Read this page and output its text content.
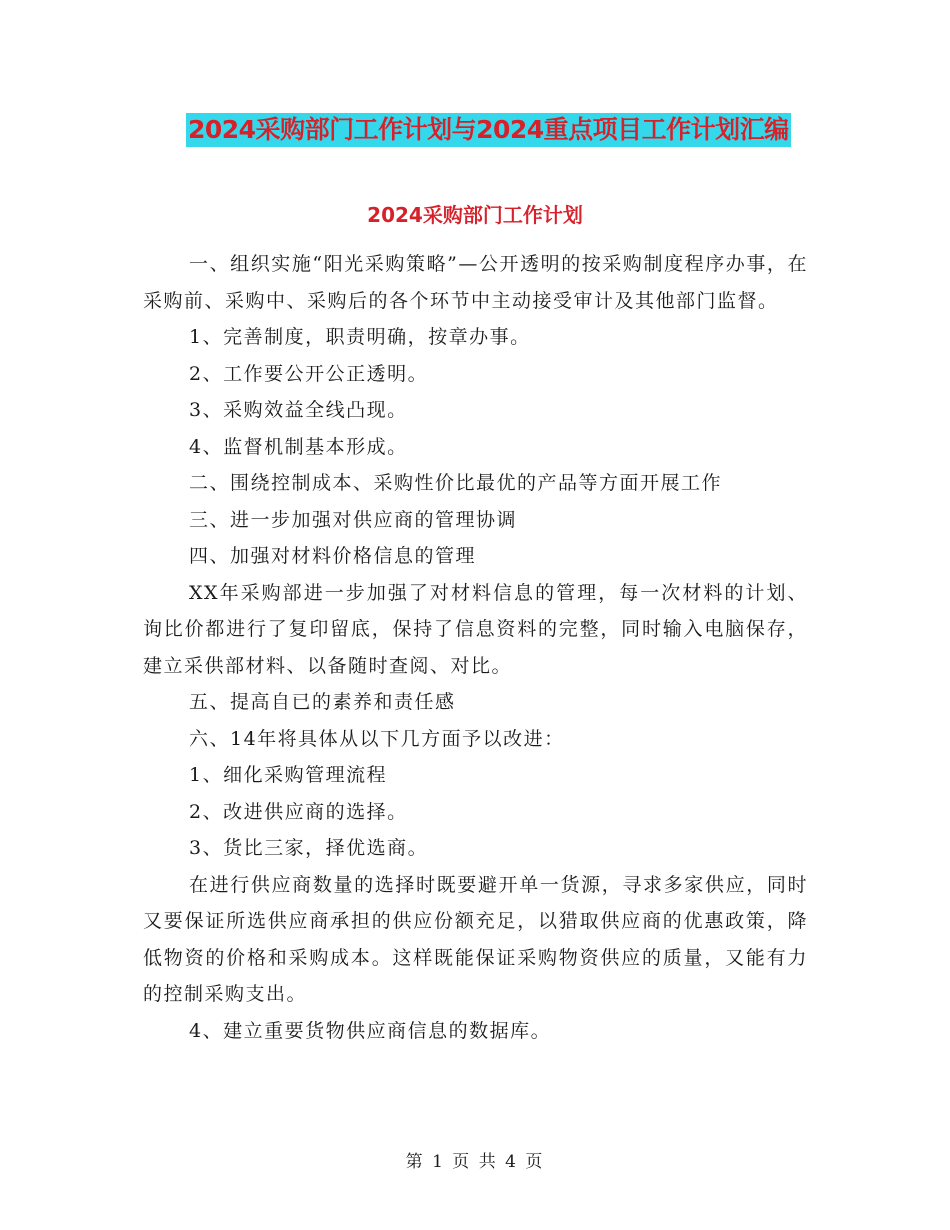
2024采购部门工作计划与2024重点项目工作计划汇编
2024采购部门工作计划

一、组织实施“阳光采购策略”—公开透明的按采购制度程序办事，在采购前、采购中、采购后的各个环节中主动接受审计及其他部门监督。

1、完善制度，职责明确，按章办事。

2、工作要公开公正透明。

3、采购效益全线凸现。

4、监督机制基本形成。

二、围绕控制成本、采购性价比最优的产品等方面开展工作

三、进一步加强对供应商的管理协调

四、加强对材料价格信息的管理

XX年采购部进一步加强了对材料信息的管理，每一次材料的计划、询比价都进行了复印留底，保持了信息资料的完整，同时输入电脑保存，建立采供部材料、以备随时查阅、对比。

五、提高自已的素养和责任感

六、14年将具体从以下几方面予以改进：

1、细化采购管理流程

2、改进供应商的选择。

3、货比三家，择优选商。

在进行供应商数量的选择时既要避开单一货源，寻求多家供应，同时又要保证所选供应商承担的供应份额充足，以猎取供应商的优惠政策，降低物资的价格和采购成本。这样既能保证采购物资供应的质量，又能有力的控制采购支出。

4、建立重要货物供应商信息的数据库。

第 1 页 共 4 页
